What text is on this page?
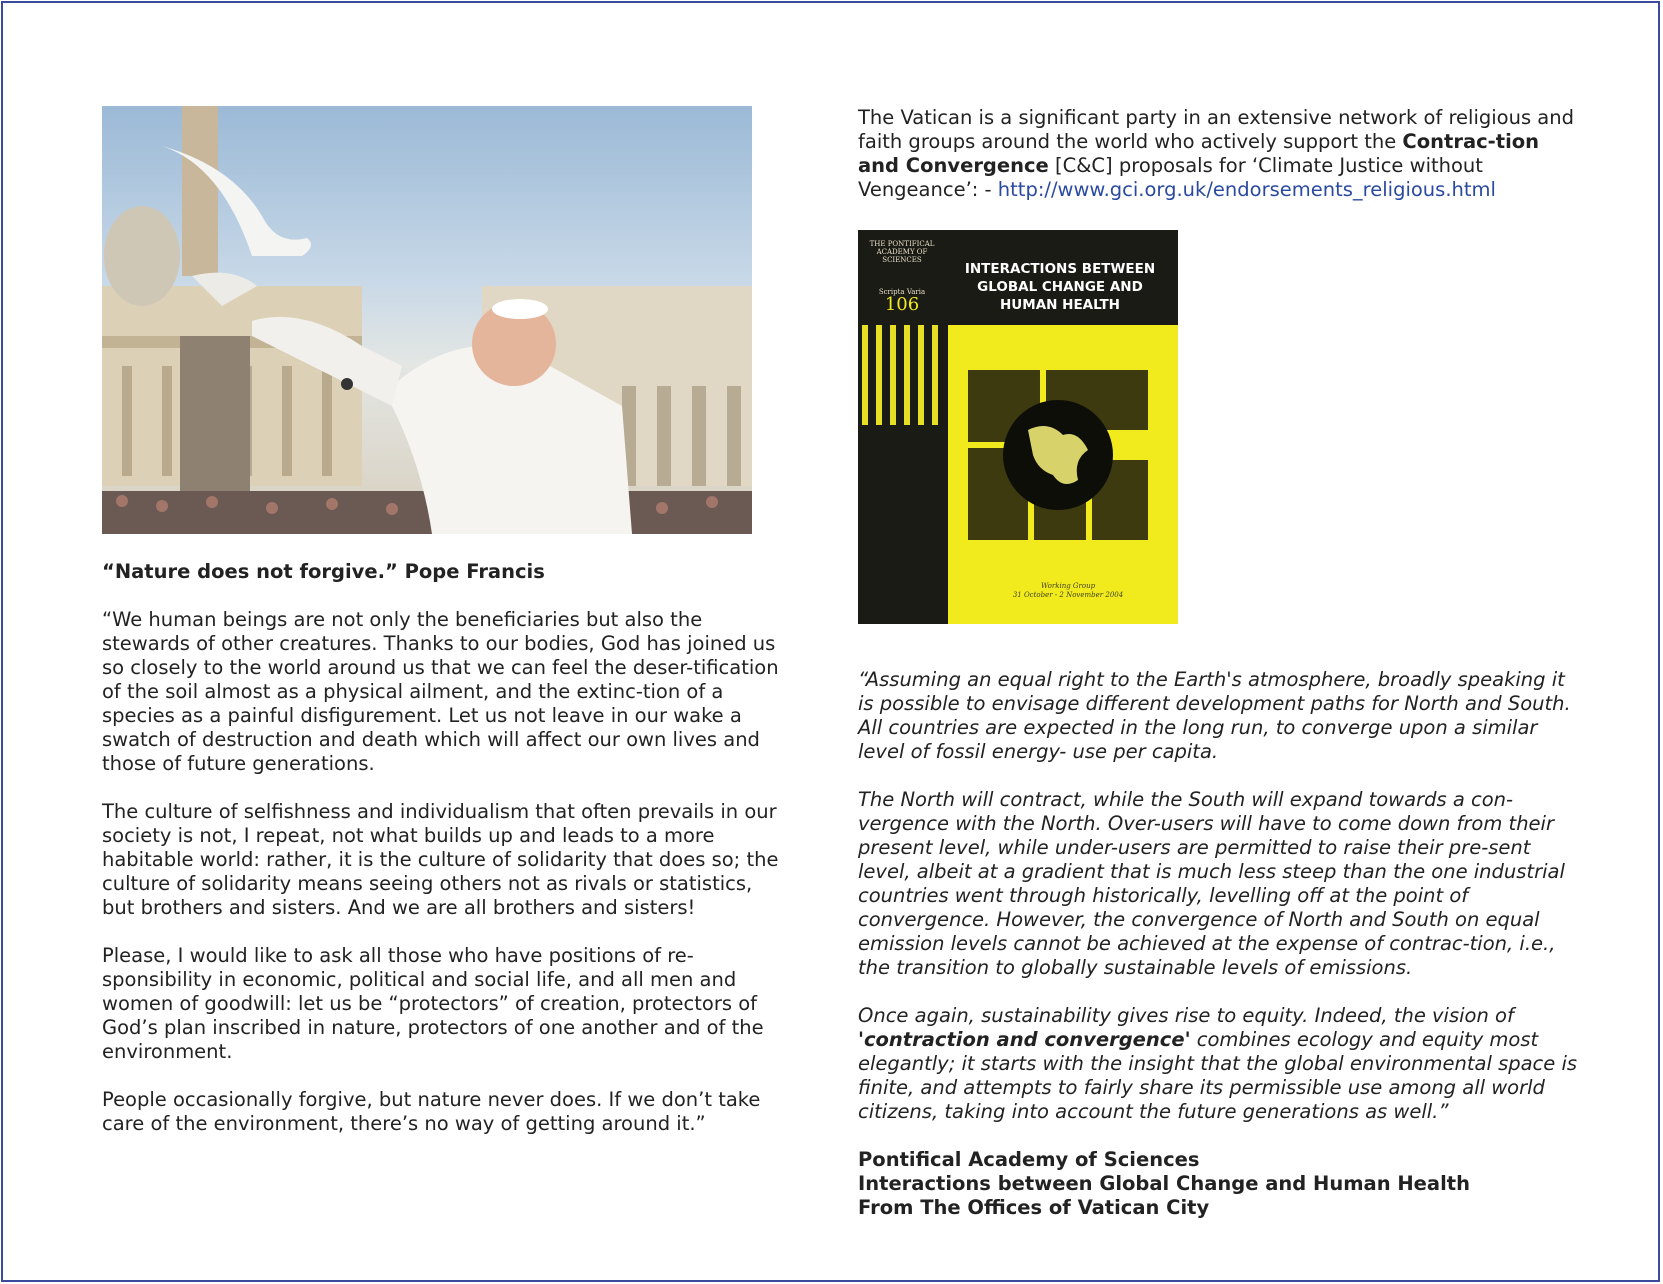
“Nature does not forgive.” Pope Francis

“We human beings are not only the beneficiaries but also the stewards of other creatures. Thanks to our bodies, God has joined us so closely to the world around us that we can feel the deser-tification of the soil almost as a physical ailment, and the extinc-tion of a species as a painful disfigurement. Let us not leave in our wake a swatch of destruction and death which will affect our own lives and those of future generations.

The culture of selfishness and individualism that often prevails in our society is not, I repeat, not what builds up and leads to a more habitable world: rather, it is the culture of solidarity that does so; the culture of solidarity means seeing others not as rivals or statistics, but brothers and sisters. And we are all brothers and sisters!

Please, I would like to ask all those who have positions of re-sponsibility in economic, political and social life, and all men and women of goodwill: let us be “protectors” of creation, protectors of God’s plan inscribed in nature, protectors of one another and of the environment.

People occasionally forgive, but nature never does. If we don’t take care of the environment, there’s no way of getting around it.”

The Vatican is a significant party in an extensive network of religious and faith groups around the world who actively support the Contrac-tion and Convergence [C&C] proposals for ‘Climate Justice without Vengeance’: - http://www.gci.org.uk/endorsements_religious.html

THE PONTIFICAL ACADEMY OF SCIENCES
Scripta Varia
106
INTERACTIONS BETWEEN GLOBAL CHANGE AND HUMAN HEALTH
Working Group
31 October - 2 November 2004

“Assuming an equal right to the Earth's atmosphere, broadly speaking it is possible to envisage different development paths for North and South. All countries are expected in the long run, to converge upon a similar level of fossil energy- use per capita.

The North will contract, while the South will expand towards a con-vergence with the North. Over-users will have to come down from their present level, while under-users are permitted to raise their pre-sent level, albeit at a gradient that is much less steep than the one industrial countries went through historically, levelling off at the point of convergence. However, the convergence of North and South on equal emission levels cannot be achieved at the expense of contrac-tion, i.e., the transition to globally sustainable levels of emissions.

Once again, sustainability gives rise to equity. Indeed, the vision of 'contraction and convergence' combines ecology and equity most elegantly; it starts with the insight that the global environmental space is finite, and attempts to fairly share its permissible use among all world citizens, taking into account the future generations as well.”

Pontifical Academy of Sciences
Interactions between Global Change and Human Health
From The Offices of Vatican City
